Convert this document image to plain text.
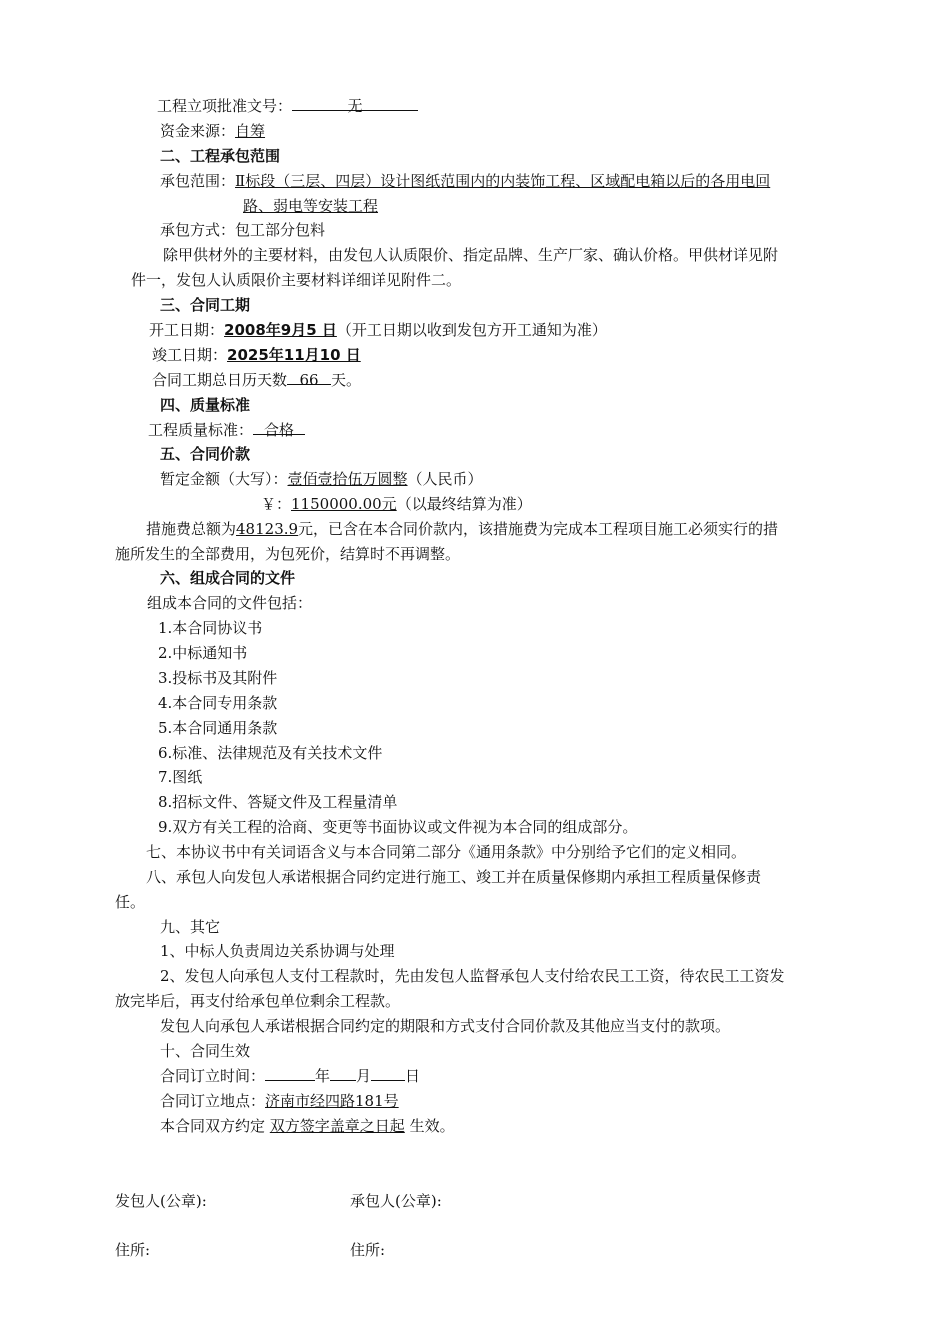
工程立项批准文号：	无
资金来源：自筹
二、工程承包范围
承包范围：Ⅱ标段（三层、四层）设计图纸范围内的内装饰工程、区域配电箱以后的各用电回
路、弱电等安装工程
承包方式：包工部分包料
除甲供材外的主要材料，由发包人认质限价、指定品牌、生产厂家、确认价格。甲供材详见附
件一，发包人认质限价主要材料详细详见附件二。
三、合同工期
开工日期：2008年9月5 日（开工日期以收到发包方开工通知为准）
竣工日期：2025年11月10 日
合同工期总日历天数 66 天。
四、质量标准
工程质量标准： 合格
五、合同价款
暂定金额（大写）：壹佰壹拾伍万圆整（人民币）
￥：1150000.00元（以最终结算为准）
措施费总额为48123.9元，已含在本合同价款内，该措施费为完成本工程项目施工必须实行的措
施所发生的全部费用，为包死价，结算时不再调整。
六、组成合同的文件
组成本合同的文件包括：
1.本合同协议书
2.中标通知书
3.投标书及其附件
4.本合同专用条款
5.本合同通用条款
6.标准、法律规范及有关技术文件
7.图纸
8.招标文件、答疑文件及工程量清单
9.双方有关工程的洽商、变更等书面协议或文件视为本合同的组成部分。
七、本协议书中有关词语含义与本合同第二部分《通用条款》中分别给予它们的定义相同。
八、承包人向发包人承诺根据合同约定进行施工、竣工并在质量保修期内承担工程质量保修责
任。
九、其它
1、中标人负责周边关系协调与处理
2、发包人向承包人支付工程款时，先由发包人监督承包人支付给农民工工资，待农民工工资发
放完毕后，再支付给承包单位剩余工程款。
发包人向承包人承诺根据合同约定的期限和方式支付合同价款及其他应当支付的款项。
十、合同生效
合同订立时间：	年 月 日
合同订立地点：济南市经四路181号
本合同双方约定 双方签字盖章之日起 生效。
发包人(公章):	承包人(公章):
住所:	住所:
